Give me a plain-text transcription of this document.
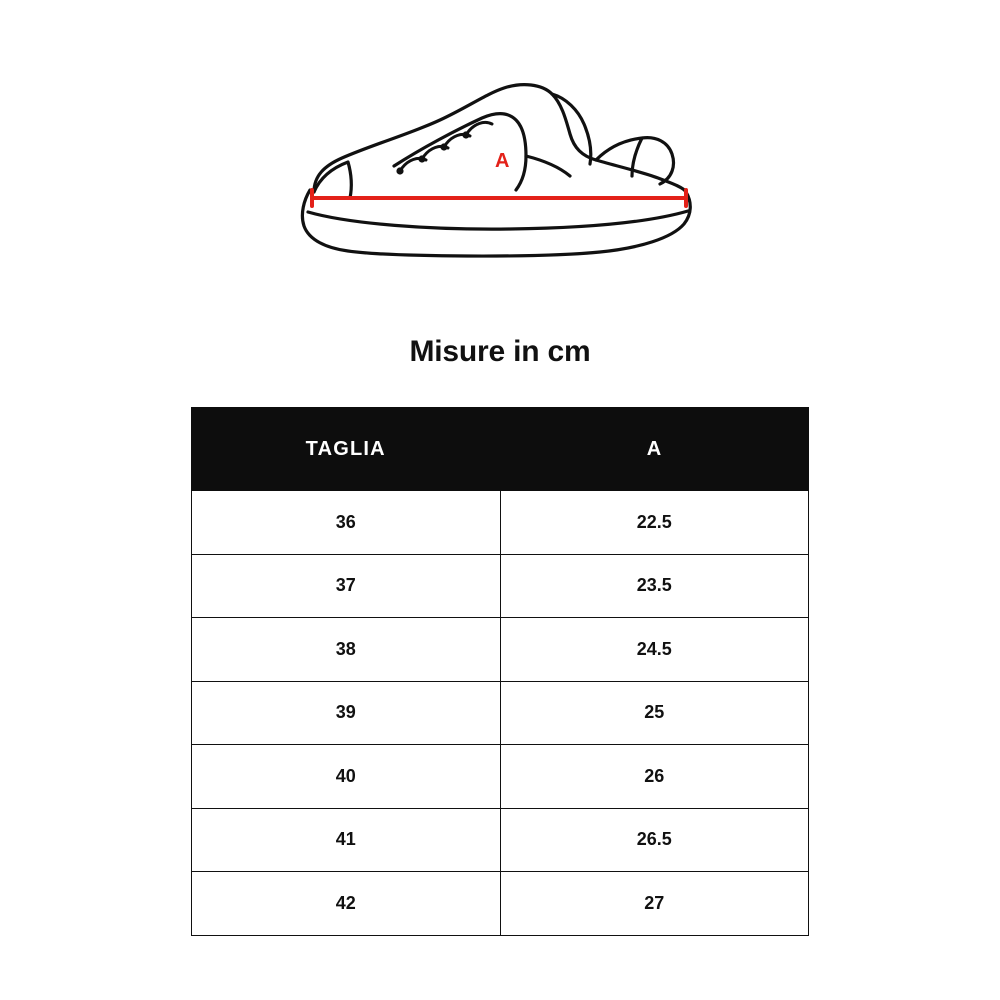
A
Misure in cm
TAGLIA	A
36	22.5
37	23.5
38	24.5
39	25
40	26
41	26.5
42	27
